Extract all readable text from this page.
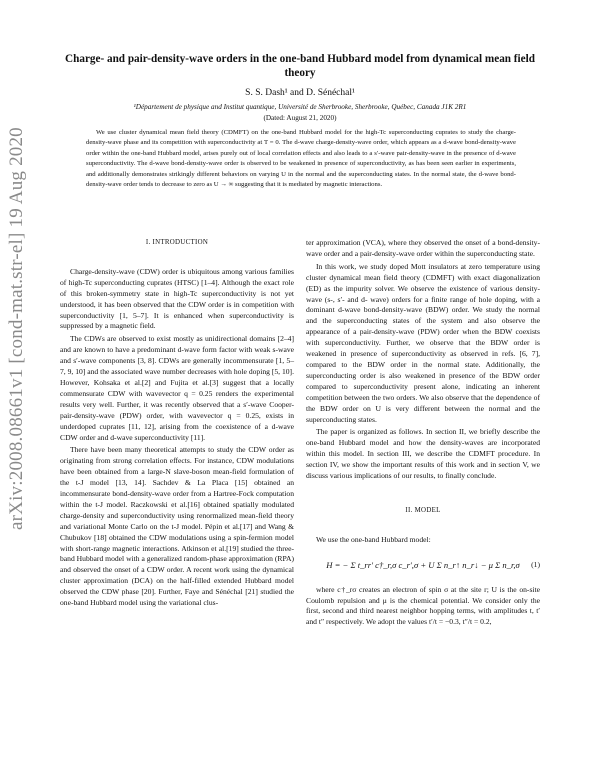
arXiv:2008.08661v1 [cond-mat.str-el] 19 Aug 2020
Charge- and pair-density-wave orders in the one-band Hubbard model from dynamical mean field theory
S. S. Dash¹ and D. Sénéchal¹
¹Département de physique and Institut quantique, Université de Sherbrooke, Sherbrooke, Québec, Canada J1K 2R1
(Dated: August 21, 2020)
We use cluster dynamical mean field theory (CDMFT) on the one-band Hubbard model for the high-Tc superconducting cuprates to study the charge-density-wave phase and its competition with superconductivity at T = 0. The d-wave charge-density-wave order, which appears as a d-wave bond-density-wave order within the one-band Hubbard model, arises purely out of local correlation effects and also leads to a s′-wave pair-density-wave in the presence of d-wave superconductivity. The d-wave bond-density-wave order is observed to be weakened in presence of superconductivity, as has been seen earlier in experiments, and additionally demonstrates strikingly different behaviors on varying U in the normal and the superconducting states. In the normal state, the d-wave bond-density-wave order tends to decrease to zero as U → ∞ suggesting that it is mediated by magnetic interactions.
I. INTRODUCTION

Charge-density-wave (CDW) order is ubiquitous among various families of high-Tc superconducting cuprates (HTSC) [1–4]. Although the exact role of this broken-symmetry state in high-Tc superconductivity is not yet understood, it has been observed that the CDW order is in competition with superconductivity [1, 5–7]. It is enhanced when superconductivity is suppressed by a magnetic field.

The CDWs are observed to exist mostly as unidirectional domains [2–4] and are known to have a predominant d-wave form factor with weak s-wave and s′-wave components [3, 8]. CDWs are generally incommensurate [1, 5–7, 9, 10] and the associated wave number decreases with hole doping [5, 10]. However, Kohsaka et al.[2] and Fujita et al.[3] suggest that a locally commensurate CDW with wavevector q = 0.25 renders the experimental results very well. Further, it was recently observed that a s′-wave Cooper-pair-density-wave (PDW) order, with wavevector q = 0.25, exists in underdoped cuprates [11, 12], arising from the coexistence of a d-wave CDW order and d-wave superconductivity [11].

There have been many theoretical attempts to study the CDW order as originating from strong correlation effects. For instance, CDW modulations have been obtained from a large-N slave-boson mean-field formulation of the t-J model [13, 14]. Sachdev & La Placa [15] obtained an incommensurate bond-density-wave order from a Hartree-Fock computation within the t-J model. Raczkowski et al.[16] obtained spatially modulated charge-density and superconductivity using renormalized mean-field theory and variational Monte Carlo on the t-J model. Pépin et al.[17] and Wang & Chubukov [18] obtained the CDW modulations using a spin-fermion model with short-range magnetic interactions. Atkinson et al.[19] studied the three-band Hubbard model with a generalized random-phase approximation (RPA) and observed the onset of a CDW order. A recent work using the dynamical cluster approximation (DCA) on the half-filled extended Hubbard model observed the CDW phase [20]. Further, Faye and Sénéchal [21] studied the one-band Hubbard model using the variational clus-

ter approximation (VCA), where they observed the onset of a bond-density-wave order and a pair-density-wave order within the superconducting state.

In this work, we study doped Mott insulators at zero temperature using cluster dynamical mean field theory (CDMFT) with exact diagonalization (ED) as the impurity solver. We observe the existence of various density-wave (s-, s′- and d- wave) orders for a finite range of hole doping, with a dominant d-wave bond-density-wave (BDW) order. We study the normal and the superconducting states of the system and also observe the appearance of a pair-density-wave (PDW) order when the BDW coexists with superconductivity. Further, we observe that the BDW order is weakened in presence of superconductivity as observed in refs. [6, 7], compared to the BDW order in the normal state. Additionally, the superconducting order is also weakened in presence of the BDW order compared to superconductivity present alone, indicating an inherent competition between the two orders. We also observe that the dependence of the BDW order on U is very different between the normal and the superconducting states.

The paper is organized as follows. In section II, we briefly describe the one-band Hubbard model and how the density-waves are incorporated within this model. In section III, we describe the CDMFT procedure. In section IV, we show the important results of this work and in section V, we discuss various implications of our results, to finally conclude.

II. MODEL

We use the one-band Hubbard model:

H = −
Σ t_rr′ c†_r,σ c_r′,σ
+ U
Σ n_r↑ n_r↓
− μ
Σ n_r,σ (1)

where c†_rσ creates an electron of spin σ at the site r; U is the on-site Coulomb repulsion and μ is the chemical potential. We consider only the first, second and third nearest neighbor hopping terms, with amplitudes t, t′ and t″ respectively. We adopt the values t′/t = −0.3, t″/t = 0.2,
